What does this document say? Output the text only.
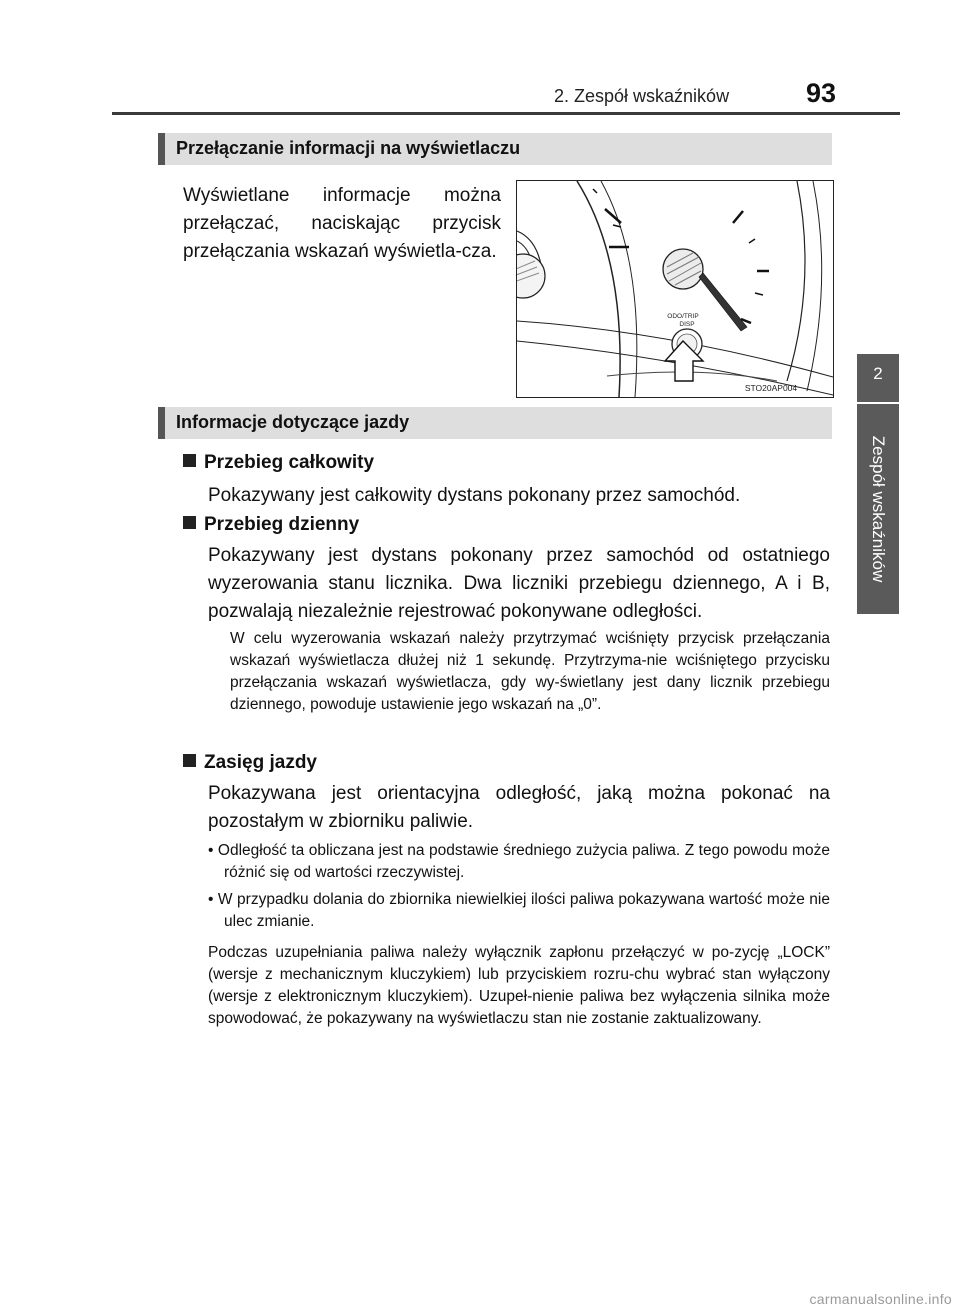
2. Zespół wskaźników	93
2
Zespół wskaźników
Przełączanie informacji na wyświetlaczu
Wyświetlane informacje można przełączać, naciskając przycisk przełączania wskazań wyświetla-cza.
ODO/TRIP
DISP
STO20AP004
Informacje dotyczące jazdy
Przebieg całkowity
Pokazywany jest całkowity dystans pokonany przez samochód.
Przebieg dzienny
Pokazywany jest dystans pokonany przez samochód od ostatniego wyzerowania stanu licznika. Dwa liczniki przebiegu dziennego, A i B, pozwalają niezależnie rejestrować pokonywane odległości.
W celu wyzerowania wskazań należy przytrzymać wciśnięty przycisk przełączania wskazań wyświetlacza dłużej niż 1 sekundę. Przytrzyma-nie wciśniętego przycisku przełączania wskazań wyświetlacza, gdy wy-świetlany jest dany licznik przebiegu dziennego, powoduje ustawienie jego wskazań na „0”.
Zasięg jazdy
Pokazywana jest orientacyjna odległość, jaką można pokonać na pozostałym w zbiorniku paliwie.
• Odległość ta obliczana jest na podstawie średniego zużycia paliwa. Z tego powodu może różnić się od wartości rzeczywistej.
• W przypadku dolania do zbiornika niewielkiej ilości paliwa pokazywana wartość może nie ulec zmianie.
Podczas uzupełniania paliwa należy wyłącznik zapłonu przełączyć w po-zycję „LOCK” (wersje z mechanicznym kluczykiem) lub przyciskiem rozru-chu wybrać stan wyłączony (wersje z elektronicznym kluczykiem). Uzupeł-nienie paliwa bez wyłączenia silnika może spowodować, że pokazywany na wyświetlaczu stan nie zostanie zaktualizowany.
carmanualsonline.info
